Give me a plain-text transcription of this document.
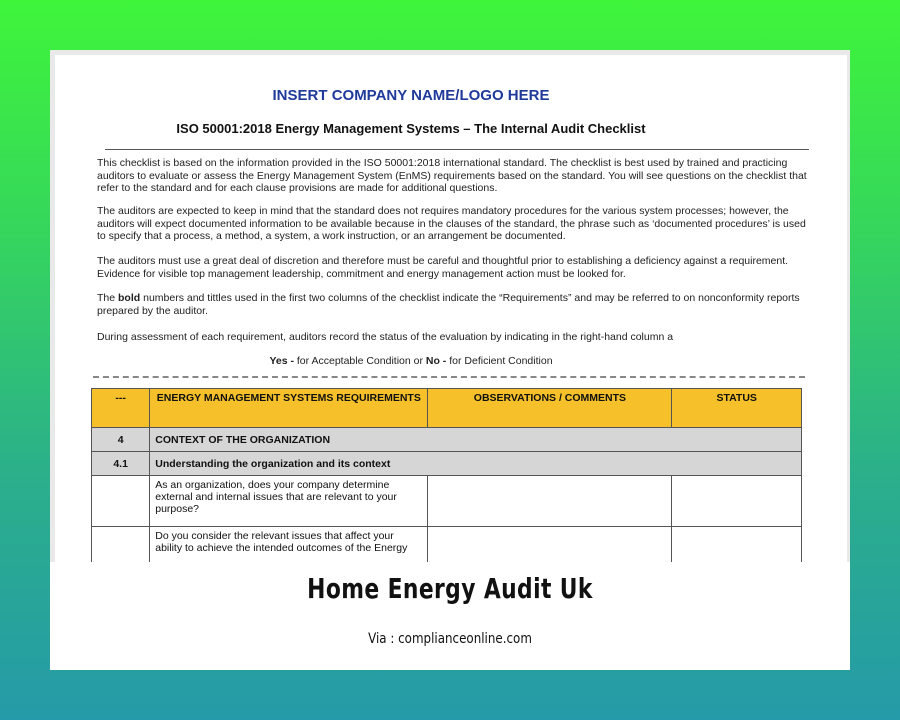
INSERT COMPANY NAME/LOGO HERE
ISO 50001:2018 Energy Management Systems – The Internal Audit Checklist
This checklist is based on the information provided in the ISO 50001:2018 international standard. The checklist is best used by trained and practicing auditors to evaluate or assess the Energy Management System (EnMS) requirements based on the standard. You will see questions on the checklist that refer to the standard and for each clause provisions are made for additional questions.
The auditors are expected to keep in mind that the standard does not requires mandatory procedures for the various system processes; however, the auditors will expect documented information to be available because in the clauses of the standard, the phrase such as ‘documented procedures’ is used to specify that a process, a method, a system, a work instruction, or an arrangement be documented.
The auditors must use a great deal of discretion and therefore must be careful and thoughtful prior to establishing a deficiency against a requirement. Evidence for visible top management leadership, commitment and energy management action must be looked for.
The bold numbers and tittles used in the first two columns of the checklist indicate the “Requirements” and may be referred to on nonconformity reports prepared by the auditor.
During assessment of each requirement, auditors record the status of the evaluation by indicating in the right-hand column a
Yes - for Acceptable Condition or No - for Deficient Condition
---	ENERGY MANAGEMENT SYSTEMS REQUIREMENTS	OBSERVATIONS / COMMENTS	STATUS
4	CONTEXT OF THE ORGANIZATION		
4.1	Understanding the organization and its context		
	As an organization, does your company determine external and internal issues that are relevant to your purpose?		
	Do you consider the relevant issues that affect your ability to achieve the intended outcomes of the Energy		
Home Energy Audit Uk
Via : complianceonline.com
